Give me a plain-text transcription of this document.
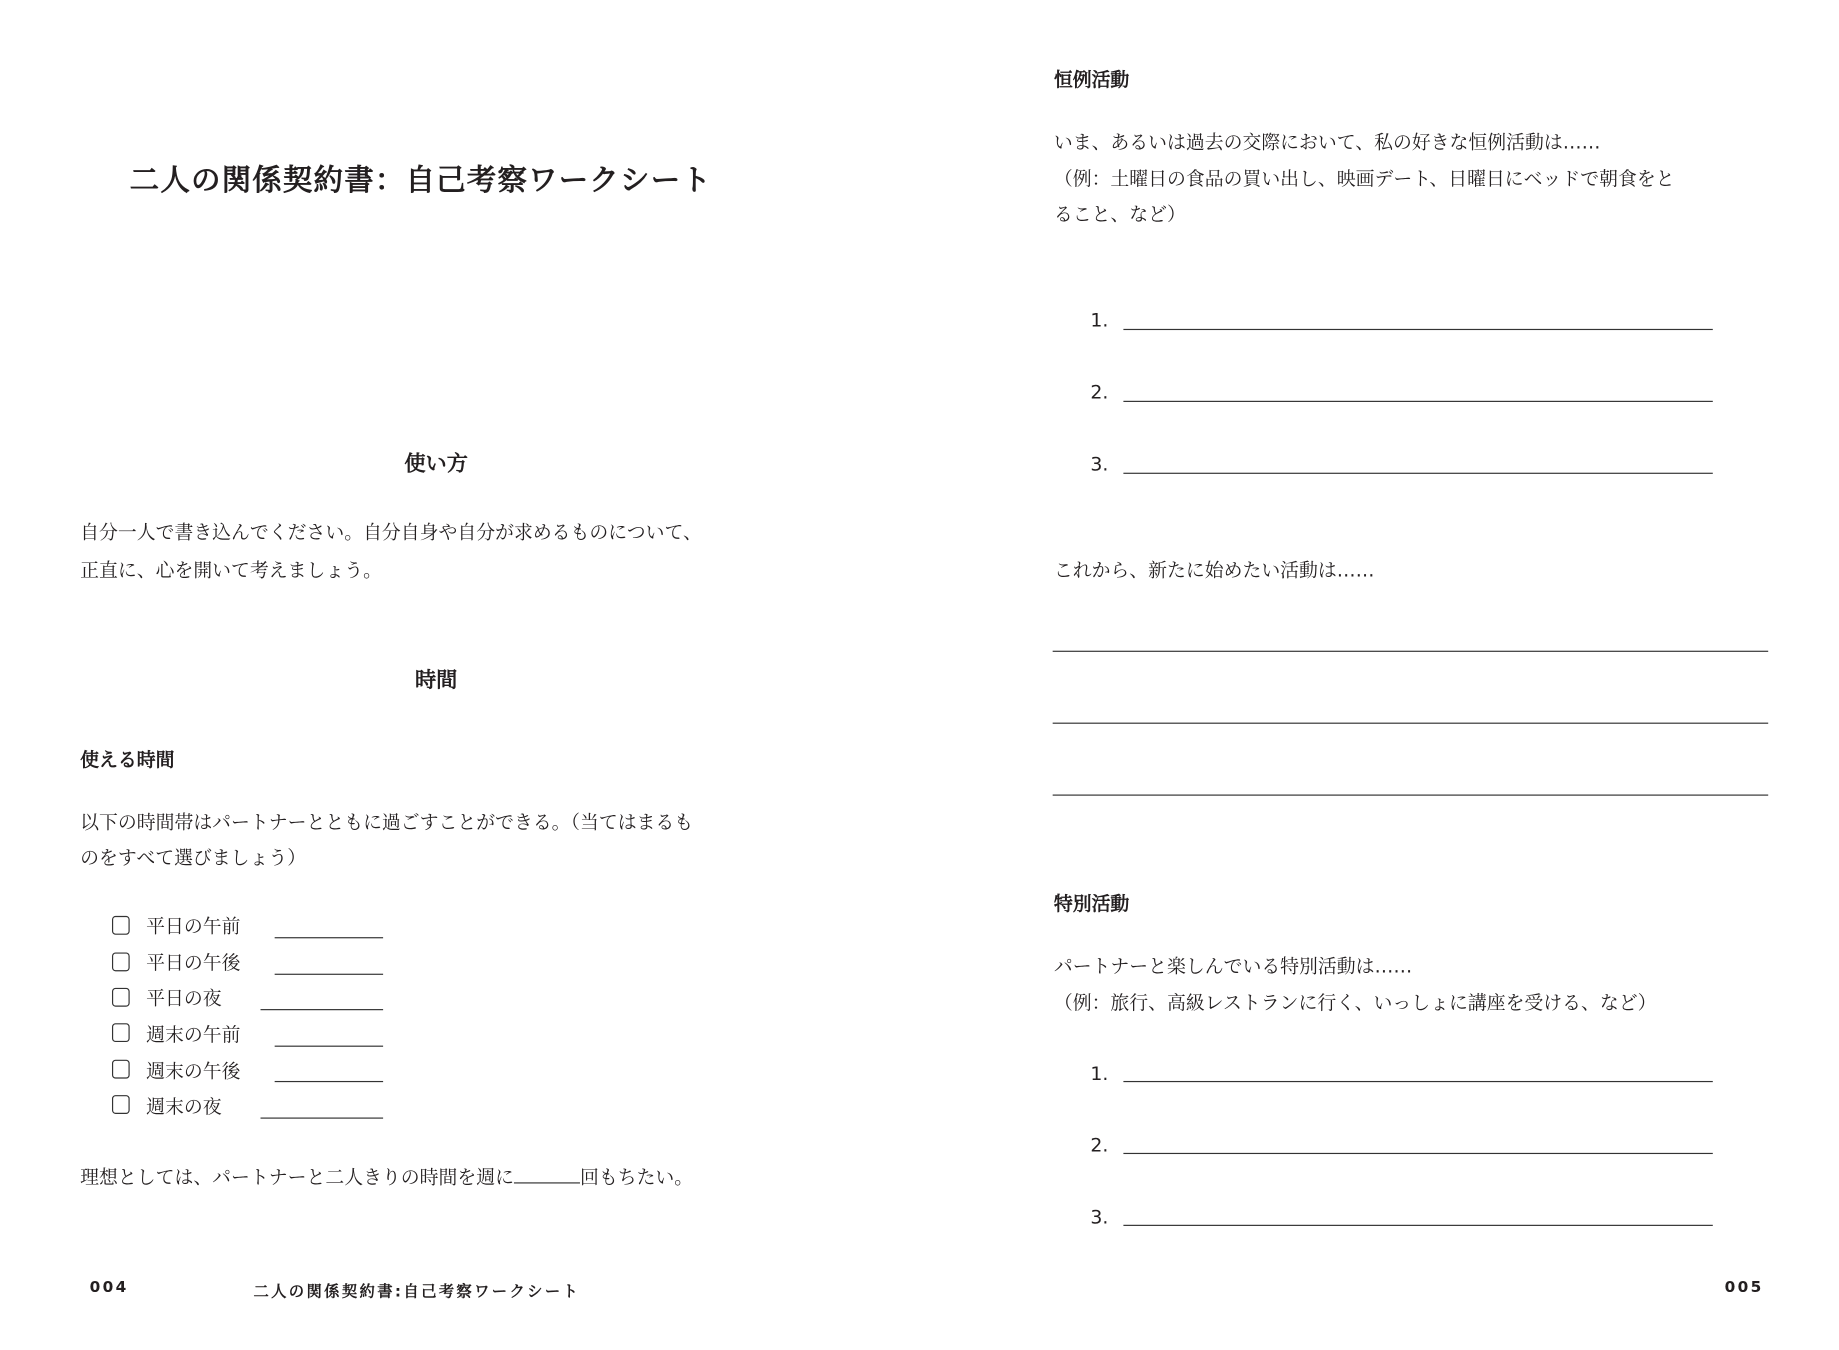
二人の関係契約書：自己考察ワークシート
使い方
自分一人で書き込んでください。自分自身や自分が求めるものについて、
正直に、心を開いて考えましょう。
時間
使える時間
以下の時間帯はパートナーとともに過ごすことができる。（当てはまるも
のをすべて選びましょう）
平日の午前
平日の午後
平日の夜
週末の午前
週末の午後
週末の夜
理想としては、パートナーと二人きりの時間を週に	回もちたい。
004	二人の関係契約書:自己考察ワークシート
恒例活動
いま、あるいは過去の交際において、私の好きな恒例活動は……
（例：土曜日の食品の買い出し、映画デート、日曜日にベッドで朝食をと
ること、など）
1.
2.
3.
これから、新たに始めたい活動は……
特別活動
パートナーと楽しんでいる特別活動は……
（例：旅行、高級レストランに行く、いっしょに講座を受ける、など）
1.
2.
3.
005
